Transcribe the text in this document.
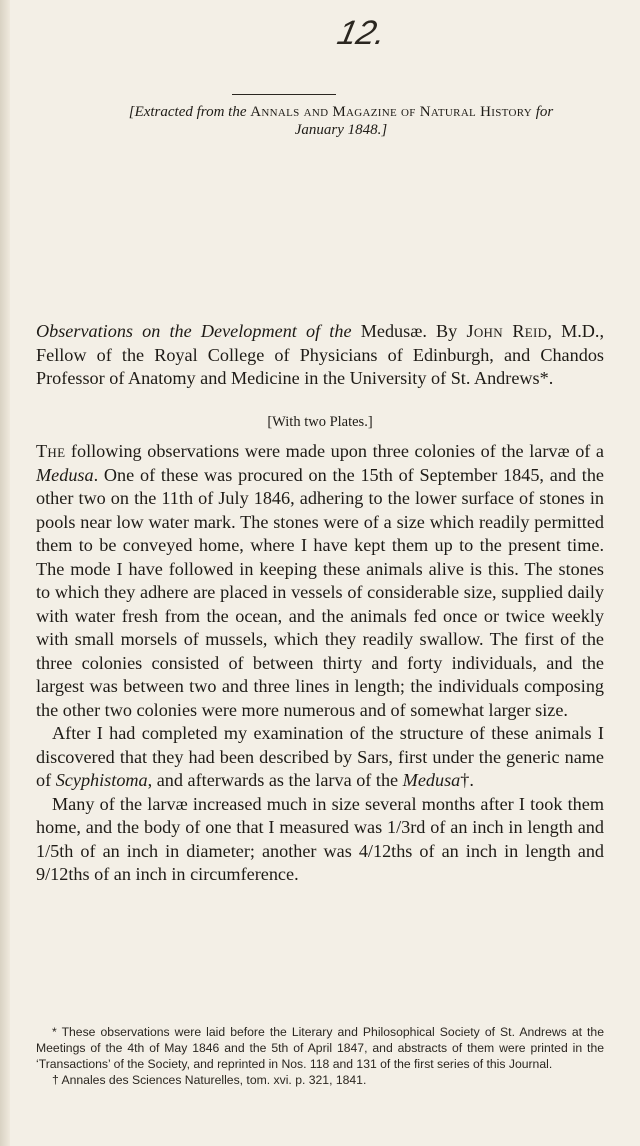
12.
[Extracted from the Annals and Magazine of Natural History for
January 1848.]
Observations on the Development of the Medusæ. By John Reid, M.D., Fellow of the Royal College of Physicians of Edinburgh, and Chandos Professor of Anatomy and Medicine in the University of St. Andrews*.
[With two Plates.]

The following observations were made upon three colonies of the larvæ of a Medusa. One of these was procured on the 15th of September 1845, and the other two on the 11th of July 1846, adhering to the lower surface of stones in pools near low water mark. The stones were of a size which readily permitted them to be conveyed home, where I have kept them up to the present time. The mode I have followed in keeping these animals alive is this. The stones to which they adhere are placed in vessels of considerable size, supplied daily with water fresh from the ocean, and the animals fed once or twice weekly with small morsels of mussels, which they readily swallow. The first of the three colonies consisted of between thirty and forty individuals, and the largest was between two and three lines in length; the individuals composing the other two colonies were more numerous and of somewhat larger size.

After I had completed my examination of the structure of these animals I discovered that they had been described by Sars, first under the generic name of Scyphistoma, and afterwards as the larva of the Medusa†.

Many of the larvæ increased much in size several months after I took them home, and the body of one that I measured was 1/3rd of an inch in length and 1/5th of an inch in diameter; another was 4/12ths of an inch in length and 9/12ths of an inch in circumference.

* These observations were laid before the Literary and Philosophical Society of St. Andrews at the Meetings of the 4th of May 1846 and the 5th of April 1847, and abstracts of them were printed in the ‘Transactions’ of the Society, and reprinted in Nos. 118 and 131 of the first series of this Journal.

† Annales des Sciences Naturelles, tom. xvi. p. 321, 1841.
